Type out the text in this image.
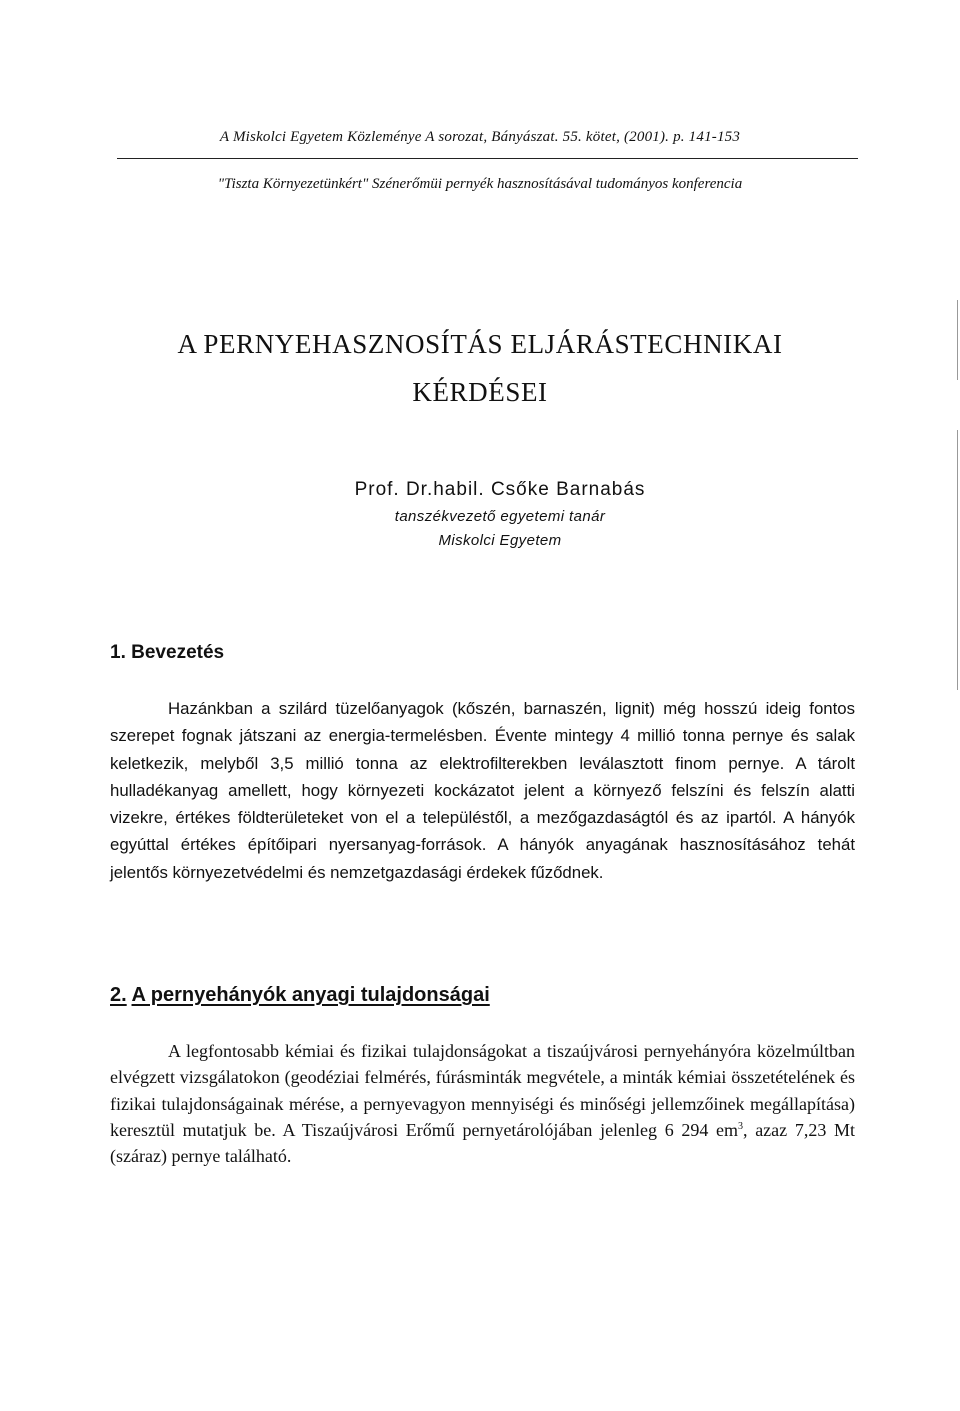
A Miskolci Egyetem Közleménye A sorozat, Bányászat. 55. kötet, (2001). p. 141-153
"Tiszta Környezetünkért" Szénerőmüi pernyék hasznosításával tudományos konferencia
A PERNYEHASZNOSÍTÁS ELJÁRÁSTECHNIKAI
KÉRDÉSEI
Prof. Dr.habil. Csőke Barnabás
tanszékvezető egyetemi tanár
Miskolci Egyetem
1. Bevezetés

Hazánkban a szilárd tüzelőanyagok (kőszén, barnaszén, lignit) még hosszú ideig fontos szerepet fognak játszani az energia-termelésben. Évente mintegy 4 millió tonna pernye és salak keletkezik, melyből 3,5 millió tonna az elektrofilterekben leválasztott finom pernye. A tárolt hulladékanyag amellett, hogy környezeti kockázatot jelent a környező felszíni és felszín alatti vizekre, értékes földterületeket von el a településtől, a mezőgazdaságtól és az ipartól. A hányók egyúttal értékes építőipari nyersanyag-források. A hányók anyagának hasznosításához tehát jelentős környezetvédelmi és nemzetgazdasági érdekek fűződnek.

2. A pernyehányók anyagi tulajdonságai

A legfontosabb kémiai és fizikai tulajdonságokat a tiszaújvárosi pernyehányóra közelmúltban elvégzett vizsgálatokon (geodéziai felmérés, fúrásminták megvétele, a minták kémiai összetételének és fizikai tulajdonságainak mérése, a pernyevagyon mennyiségi és minőségi jellemzőinek megállapítása) keresztül mutatjuk be. A Tiszaújvárosi Erőmű pernyetárolójában jelenleg 6 294 $em^3$, azaz 7,23 Mt (száraz) pernye található.
